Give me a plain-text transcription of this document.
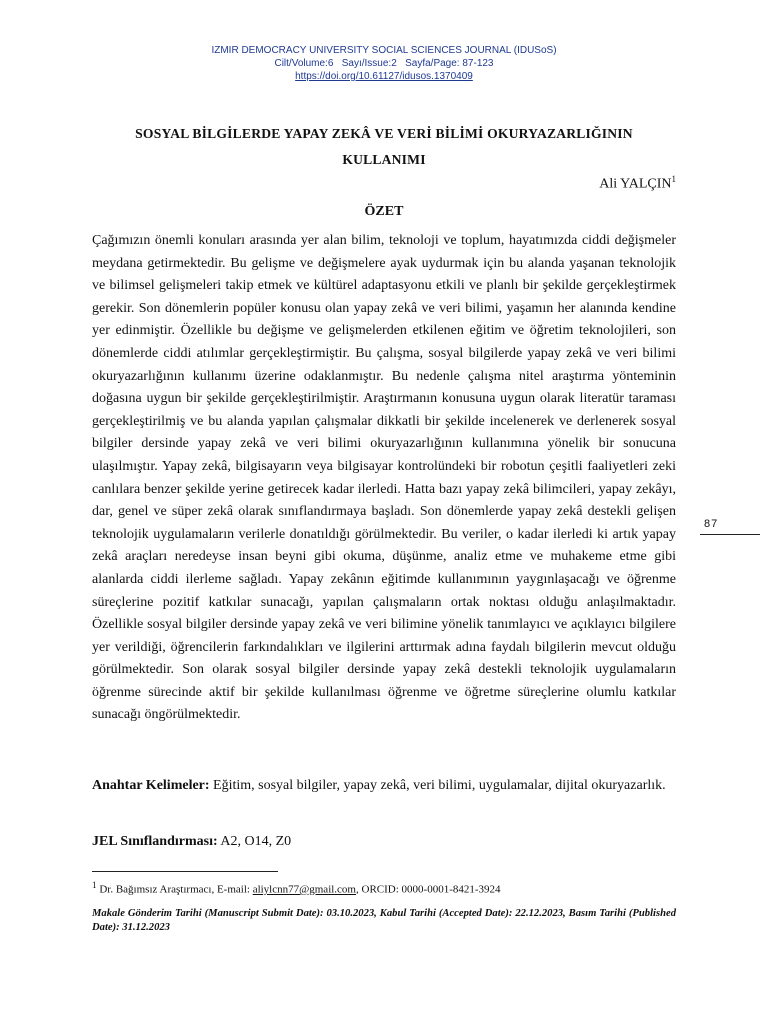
IZMIR DEMOCRACY UNIVERSITY SOCIAL SCIENCES JOURNAL (IDUSoS)
Cilt/Volume:6   Sayı/Issue:2   Sayfa/Page: 87-123
https://doi.org/10.61127/idusos.1370409
SOSYAL BİLGİLERDE YAPAY ZEKÂ VE VERİ BİLİMİ OKURYAZARLIĞININ KULLANIMI
Ali YALÇIN$^1$
ÖZET

Çağımızın önemli konuları arasında yer alan bilim, teknoloji ve toplum, hayatımızda ciddi değişmeler meydana getirmektedir. Bu gelişme ve değişmelere ayak uydurmak için bu alanda yaşanan teknolojik ve bilimsel gelişmeleri takip etmek ve kültürel adaptasyonu etkili ve planlı bir şekilde gerçekleştirmek gerekir. Son dönemlerin popüler konusu olan yapay zekâ ve veri bilimi, yaşamın her alanında kendine yer edinmiştir. Özellikle bu değişme ve gelişmelerden etkilenen eğitim ve öğretim teknolojileri, son dönemlerde ciddi atılımlar gerçekleştirmiştir. Bu çalışma, sosyal bilgilerde yapay zekâ ve veri bilimi okuryazarlığının kullanımı üzerine odaklanmıştır. Bu nedenle çalışma nitel araştırma yönteminin doğasına uygun bir şekilde gerçekleştirilmiştir. Araştırmanın konusuna uygun olarak literatür taraması gerçekleştirilmiş ve bu alanda yapılan çalışmalar dikkatli bir şekilde incelenerek ve derlenerek sosyal bilgiler dersinde yapay zekâ ve veri bilimi okuryazarlığının kullanımına yönelik bir sonucuna ulaşılmıştır. Yapay zekâ, bilgisayarın veya bilgisayar kontrolündeki bir robotun çeşitli faaliyetleri zeki canlılara benzer şekilde yerine getirecek kadar ilerledi. Hatta bazı yapay zekâ bilimcileri, yapay zekâyı, dar, genel ve süper zekâ olarak sınıflandırmaya başladı. Son dönemlerde yapay zekâ destekli gelişen teknolojik uygulamaların verilerle donatıldığı görülmektedir. Bu veriler, o kadar ilerledi ki artık yapay zekâ araçları neredeyse insan beyni gibi okuma, düşünme, analiz etme ve muhakeme etme gibi alanlarda ciddi ilerleme sağladı. Yapay zekânın eğitimde kullanımının yaygınlaşacağı ve öğrenme süreçlerine pozitif katkılar sunacağı, yapılan çalışmaların ortak noktası olduğu anlaşılmaktadır. Özellikle sosyal bilgiler dersinde yapay zekâ ve veri bilimine yönelik tanımlayıcı ve açıklayıcı bilgilere yer verildiği, öğrencilerin farkındalıkları ve ilgilerini arttırmak adına faydalı bilgilerin mevcut olduğu görülmektedir. Son olarak sosyal bilgiler dersinde yapay zekâ destekli teknolojik uygulamaların öğrenme sürecinde aktif bir şekilde kullanılması öğrenme ve öğretme süreçlerine olumlu katkılar sunacağı öngörülmektedir.

Anahtar Kelimeler: Eğitim, sosyal bilgiler, yapay zekâ, veri bilimi, uygulamalar, dijital okuryazarlık.

JEL Sınıflandırması: A2, O14, Z0

87
$^1$ Dr. Bağımsız Araştırmacı, E-mail: aliylcnn77@gmail.com, ORCID: 0000-0001-8421-3924
Makale Gönderim Tarihi (Manuscript Submit Date): 03.10.2023, Kabul Tarihi (Accepted Date): 22.12.2023, Basım Tarihi (Published Date): 31.12.2023
